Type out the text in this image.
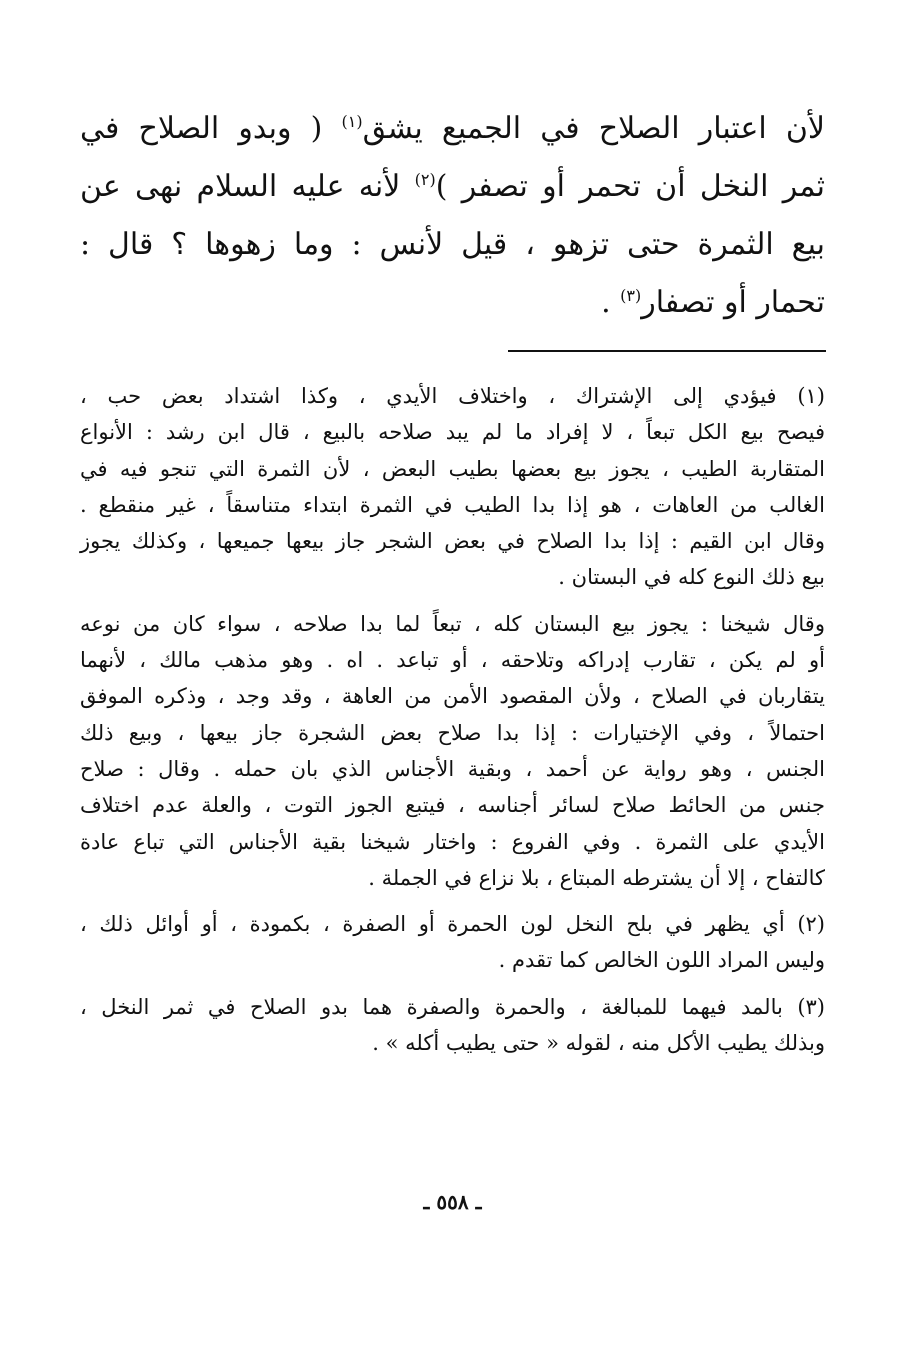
لأن اعتبار الصلاح في الجميع يشق$^{(١)}$ ( وبدو الصلاح في
ثمر النخل أن تحمر أو تصفر )$^{(٢)}$ لأنه عليه السلام نهى عن
بيع الثمرة حتى تزهو ، قيل لأنس : وما زهوها ؟ قال :
تحمار أو تصفار$^{(٣)}$ .
(١) فيؤدي إلى الإشتراك ، واختلاف الأيدي ، وكذا اشتداد بعض حب ،
فيصح بيع الكل تبعاً ، لا إفراد ما لم يبد صلاحه بالبيع ، قال ابن رشد : الأنواع
المتقاربة الطيب ، يجوز بيع بعضها بطيب البعض ، لأن الثمرة التي تنجو فيه في
الغالب من العاهات ، هو إذا بدا الطيب في الثمرة ابتداء متناسقاً ، غير منقطع .
وقال ابن القيم : إذا بدا الصلاح في بعض الشجر جاز بيعها جميعها ، وكذلك يجوز
بيع ذلك النوع كله في البستان .
وقال شيخنا : يجوز بيع البستان كله ، تبعاً لما بدا صلاحه ، سواء كان من نوعه
أو لم يكن ، تقارب إدراكه وتلاحقه ، أو تباعد . اه . وهو مذهب مالك ، لأنهما
يتقاربان في الصلاح ، ولأن المقصود الأمن من العاهة ، وقد وجد ، وذكره الموفق
احتمالاً ، وفي الإختيارات : إذا بدا صلاح بعض الشجرة جاز بيعها ، وبيع ذلك
الجنس ، وهو رواية عن أحمد ، وبقية الأجناس الذي بان حمله . وقال : صلاح
جنس من الحائط صلاح لسائر أجناسه ، فيتبع الجوز التوت ، والعلة عدم اختلاف
الأيدي على الثمرة . وفي الفروع : واختار شيخنا بقية الأجناس التي تباع عادة
كالتفاح ، إلا أن يشترطه المبتاع ، بلا نزاع في الجملة .
(٢) أي يظهر في بلح النخل لون الحمرة أو الصفرة ، بكمودة ، أو أوائل ذلك ،
وليس المراد اللون الخالص كما تقدم .
(٣) بالمد فيهما للمبالغة ، والحمرة والصفرة هما بدو الصلاح في ثمر النخل ،
وبذلك يطيب الأكل منه ، لقوله « حتى يطيب أكله » .
ـ ٥٥٨ ـ
